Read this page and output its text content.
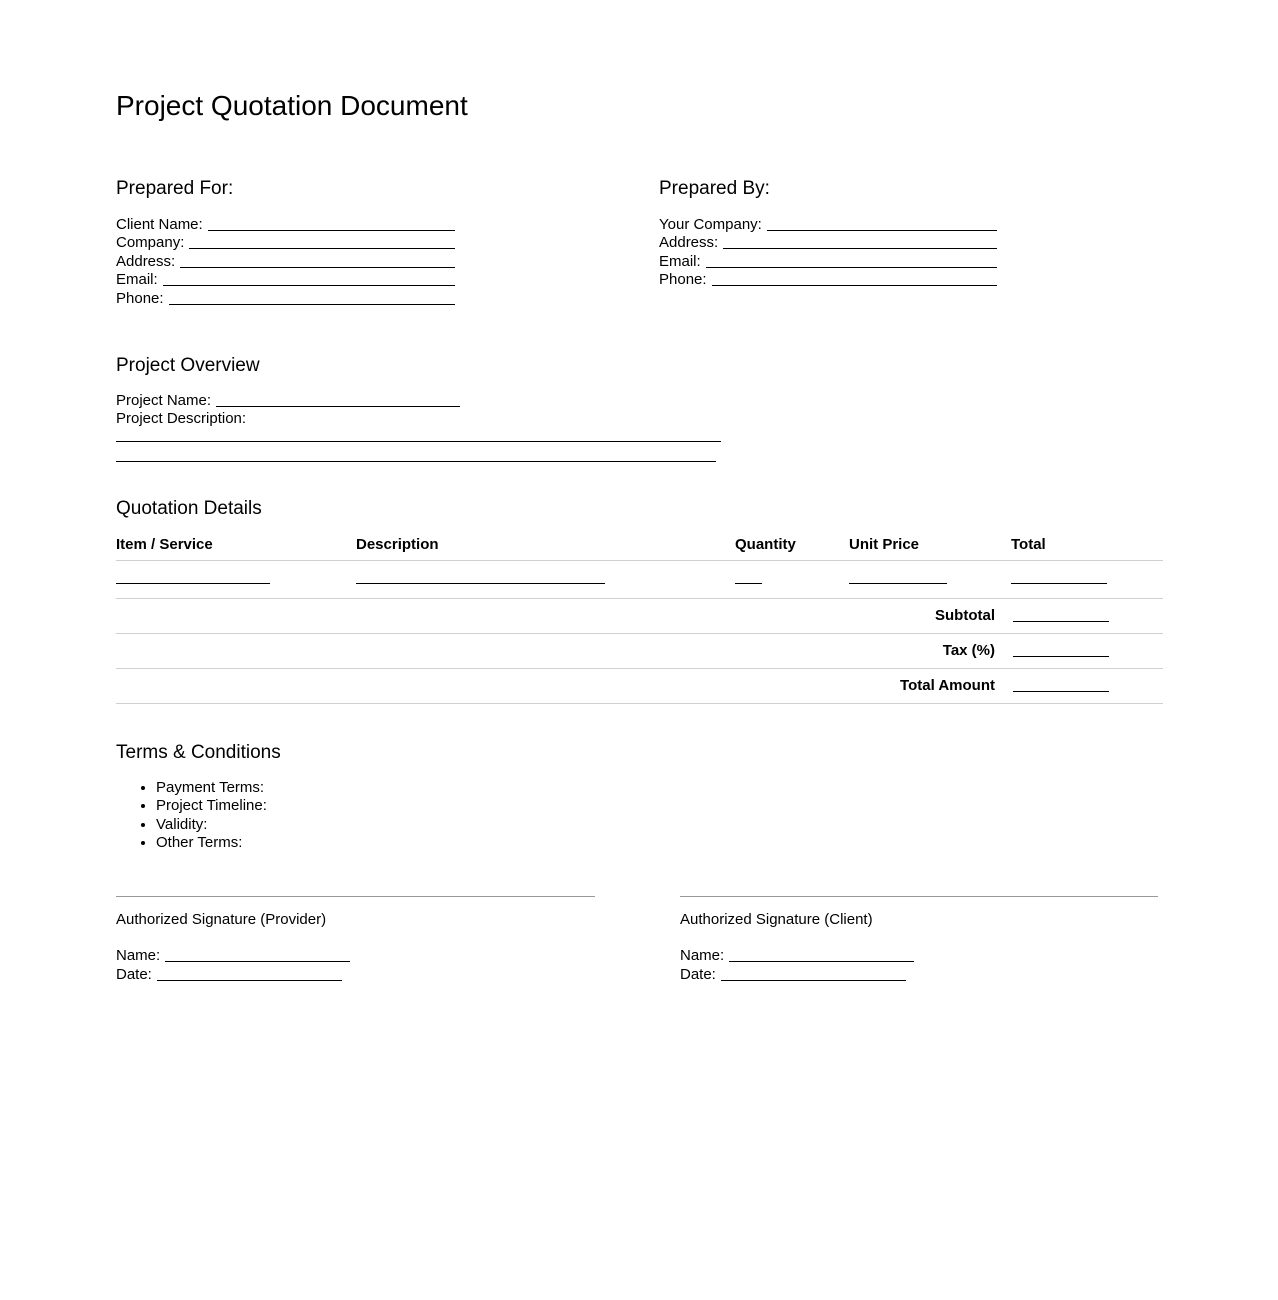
Project Quotation Document
Prepared For:
Client Name:
Company:
Address:
Email:
Phone:
Prepared By:
Your Company:
Address:
Email:
Phone:
Project Overview
Project Name:
Project Description:
Quotation Details
Item / Service	Description	Quantity	Unit Price	Total
Subtotal
Tax (%)
Total Amount
Terms & Conditions
• Payment Terms:
• Project Timeline:
• Validity:
• Other Terms:
Authorized Signature (Provider)
Name:
Date:
Authorized Signature (Client)
Name:
Date:
